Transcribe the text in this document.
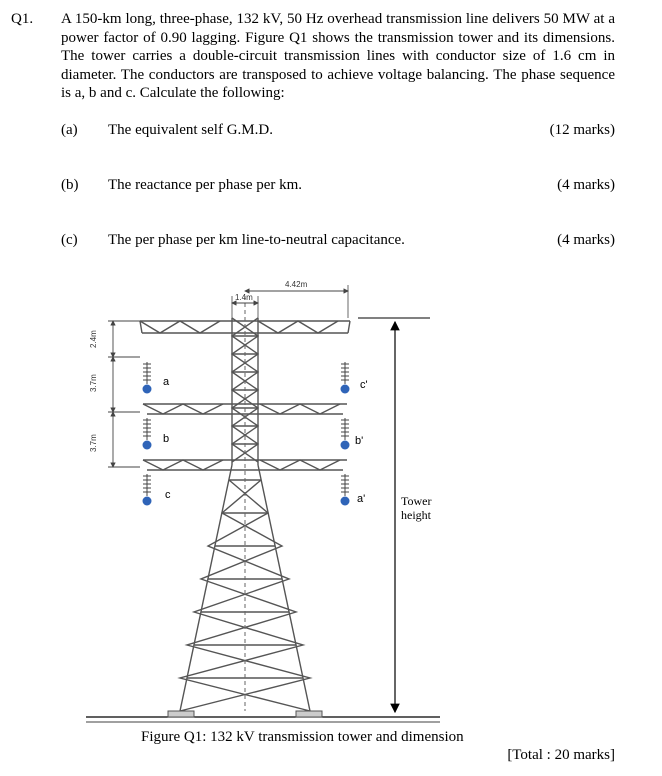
Q1. A 150-km long, three-phase, 132 kV, 50 Hz overhead transmission line delivers 50 MW at a power factor of 0.90 lagging. Figure Q1 shows the transmission tower and its dimensions. The tower carries a double-circuit transmission lines with conductor size of 1.6 cm in diameter. The conductors are transposed to achieve voltage balancing. The phase sequence is a, b and c. Calculate the following:

(a) The equivalent self G.M.D.	(12 marks)
(b) The reactance per phase per km.	(4 marks)
(c) The per phase per km line-to-neutral capacitance.	(4 marks)
a
b
c
c'
b'
a'
4.42m
1.4m
2.4m
3.7m
3.7m
Tower
height
Figure Q1: 132 kV transmission tower and dimension
[Total : 20 marks]
